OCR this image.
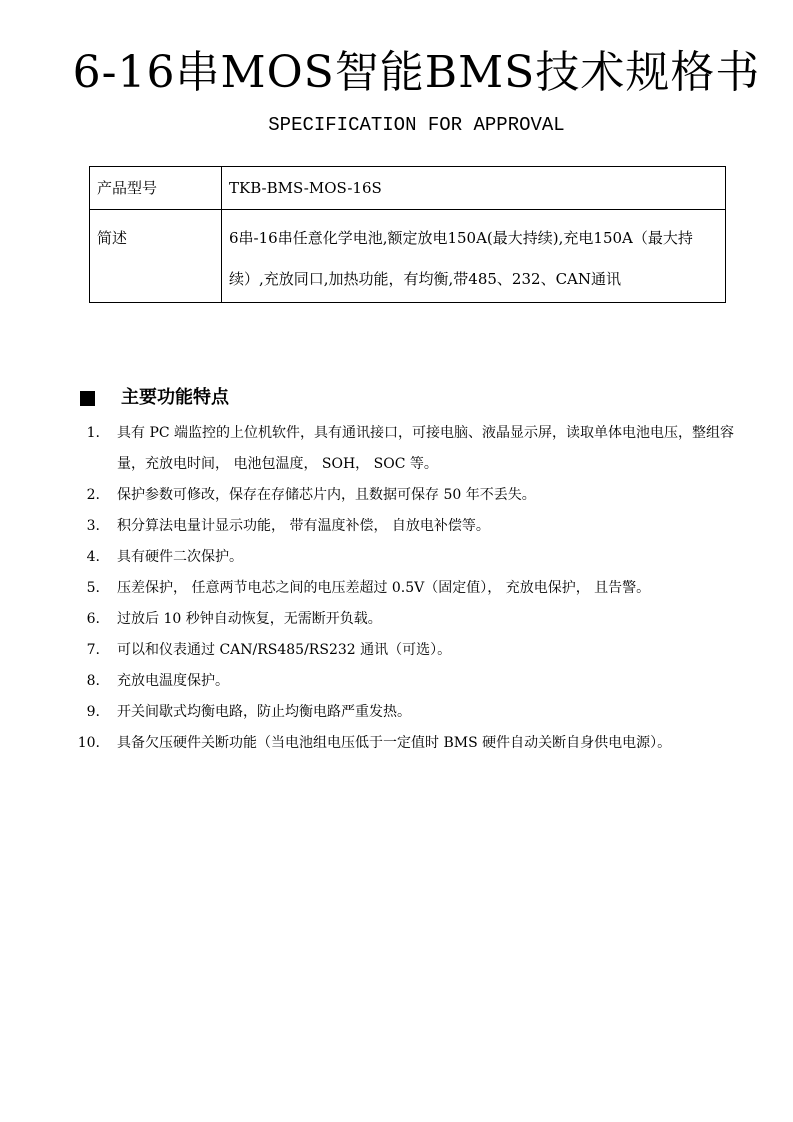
6-16串MOS智能BMS技术规格书
SPECIFICATION FOR APPROVAL
产品型号	TKB-BMS-MOS-16S
简述	6串-16串任意化学电池,额定放电150A(最大持续),充电150A（最大持续）,充放同口,加热功能，有均衡,带485、232、CAN通讯
主要功能特点
1. 具有 PC 端监控的上位机软件，具有通讯接口，可接电脑、液晶显示屏，读取单体电池电压，整组容量，充放电时间， 电池包温度， SOH， SOC 等。
2. 保护参数可修改，保存在存储芯片内，且数据可保存 50 年不丢失。
3. 积分算法电量计显示功能， 带有温度补偿， 自放电补偿等。
4. 具有硬件二次保护。
5. 压差保护， 任意两节电芯之间的电压差超过 0.5V（固定值）， 充放电保护， 且告警。
6. 过放后 10 秒钟自动恢复，无需断开负载。
7. 可以和仪表通过 CAN/RS485/RS232 通讯（可选）。
8. 充放电温度保护。
9. 开关间歇式均衡电路，防止均衡电路严重发热。
10. 具备欠压硬件关断功能（当电池组电压低于一定值时 BMS 硬件自动关断自身供电电源）。
